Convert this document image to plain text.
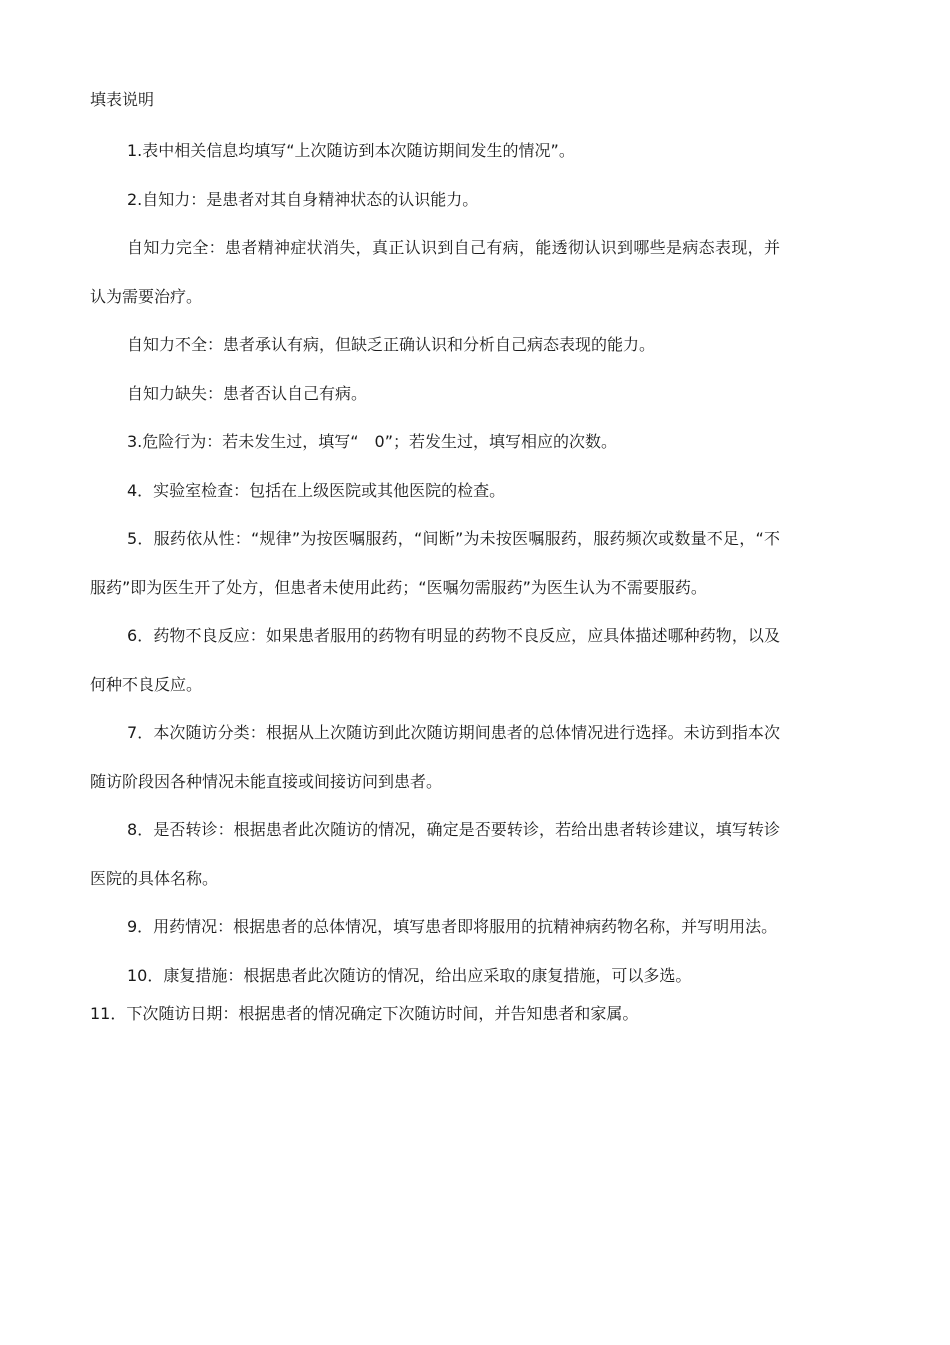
填表说明

1.表中相关信息均填写“上次随访到本次随访期间发生的情况”。

2.自知力：是患者对其自身精神状态的认识能力。

自知力完全：患者精神症状消失，真正认识到自己有病，能透彻认识到哪些是病态表现，并认为需要治疗。

自知力不全：患者承认有病，但缺乏正确认识和分析自己病态表现的能力。

自知力缺失：患者否认自己有病。

3.危险行为：若未发生过，填写“　0”；若发生过，填写相应的次数。

4．实验室检查：包括在上级医院或其他医院的检查。

5．服药依从性：“规律”为按医嘱服药，“间断”为未按医嘱服药，服药频次或数量不足，“不服药”即为医生开了处方，但患者未使用此药；“医嘱勿需服药”为医生认为不需要服药。

6．药物不良反应：如果患者服用的药物有明显的药物不良反应，应具体描述哪种药物，以及何种不良反应。

7．本次随访分类：根据从上次随访到此次随访期间患者的总体情况进行选择。未访到指本次随访阶段因各种情况未能直接或间接访问到患者。

8．是否转诊：根据患者此次随访的情况，确定是否要转诊，若给出患者转诊建议，填写转诊医院的具体名称。

9．用药情况：根据患者的总体情况，填写患者即将服用的抗精神病药物名称，并写明用法。

10．康复措施：根据患者此次随访的情况，给出应采取的康复措施，可以多选。

11．下次随访日期：根据患者的情况确定下次随访时间，并告知患者和家属。
